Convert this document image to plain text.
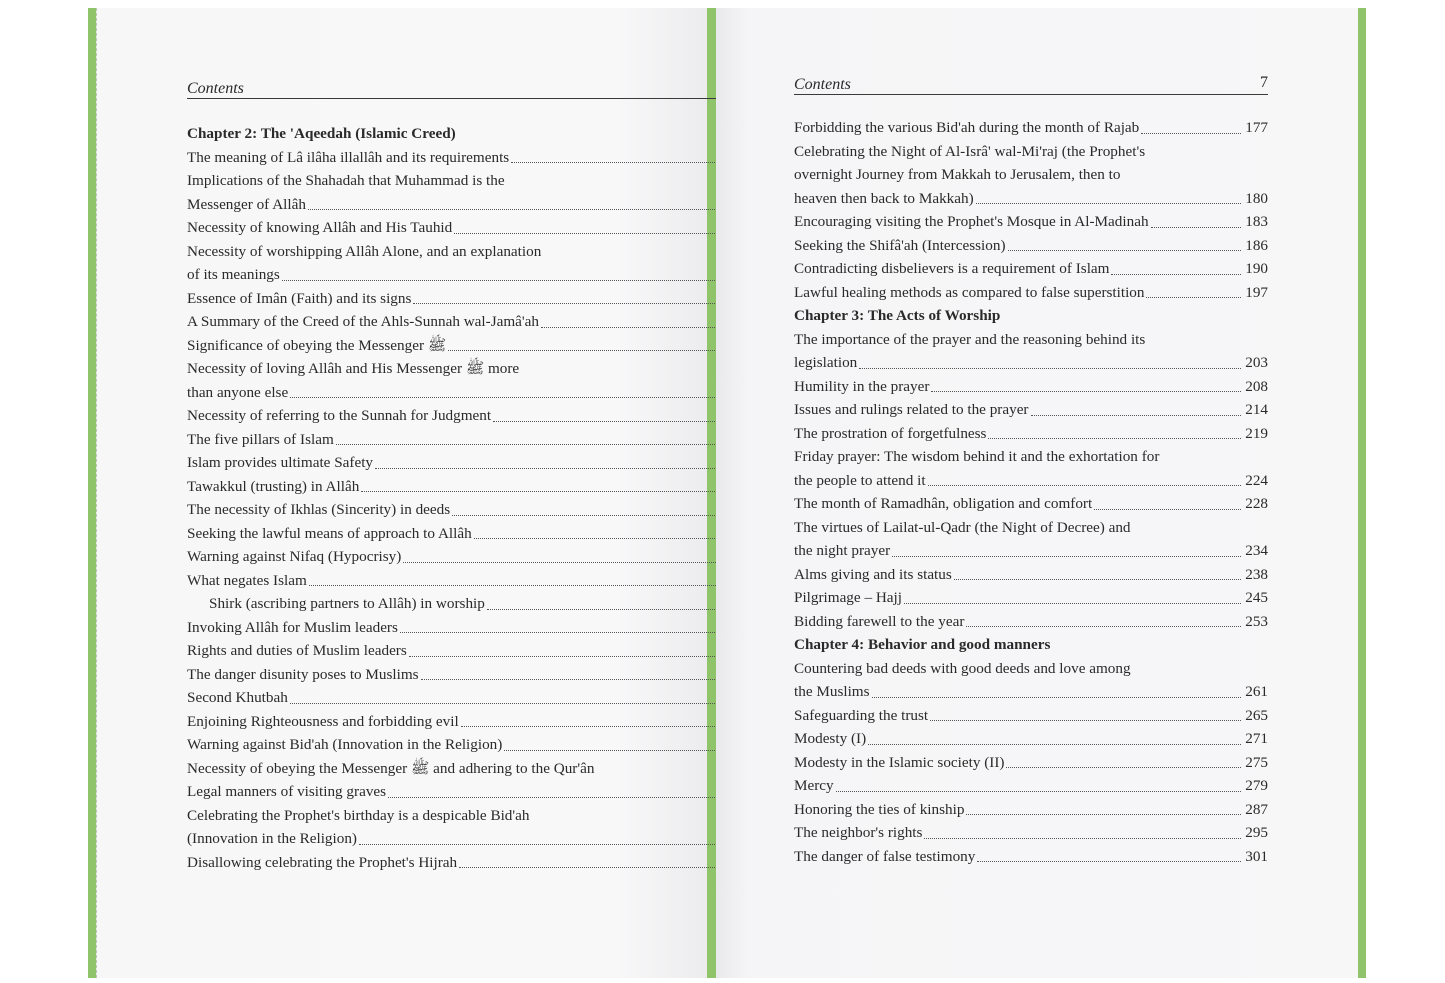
Contents
Chapter 2: The 'Aqeedah (Islamic Creed)
The meaning of Lâ ilâha illallâh and its requirements
Implications of the Shahadah that Muhammad is the
Messenger of Allâh
Necessity of knowing Allâh and His Tauhid
Necessity of worshipping Allâh Alone, and an explanation
of its meanings
Essence of Imân (Faith) and its signs
A Summary of the Creed of the Ahls-Sunnah wal-Jamâ'ah
Significance of obeying the Messenger ﷺ
Necessity of loving Allâh and His Messenger ﷺ more
than anyone else
Necessity of referring to the Sunnah for Judgment
The five pillars of Islam
Islam provides ultimate Safety
Tawakkul (trusting) in Allâh
The necessity of Ikhlas (Sincerity) in deeds
Seeking the lawful means of approach to Allâh
Warning against Nifaq (Hypocrisy)
What negates Islam
Shirk (ascribing partners to Allâh) in worship
Invoking Allâh for Muslim leaders
Rights and duties of Muslim leaders
The danger disunity poses to Muslims
Second Khutbah
Enjoining Righteousness and forbidding evil
Warning against Bid'ah (Innovation in the Religion)
Necessity of obeying the Messenger ﷺ and adhering to the Qur'ân
Legal manners of visiting graves
Celebrating the Prophet's birthday is a despicable Bid'ah
(Innovation in the Religion)
Disallowing celebrating the Prophet's Hijrah
Contents	7
Forbidding the various Bid'ah during the month of Rajab	177
Celebrating the Night of Al-Isrâ' wal-Mi'raj (the Prophet's
overnight Journey from Makkah to Jerusalem, then to
heaven then back to Makkah)	180
Encouraging visiting the Prophet's Mosque in Al-Madinah	183
Seeking the Shifâ'ah (Intercession)	186
Contradicting disbelievers is a requirement of Islam	190
Lawful healing methods as compared to false superstition	197
Chapter 3: The Acts of Worship
The importance of the prayer and the reasoning behind its
legislation	203
Humility in the prayer	208
Issues and rulings related to the prayer	214
The prostration of forgetfulness	219
Friday prayer: The wisdom behind it and the exhortation for
the people to attend it	224
The month of Ramadhân, obligation and comfort	228
The virtues of Lailat-ul-Qadr (the Night of Decree) and
the night prayer	234
Alms giving and its status	238
Pilgrimage – Hajj	245
Bidding farewell to the year	253
Chapter 4: Behavior and good manners
Countering bad deeds with good deeds and love among
the Muslims	261
Safeguarding the trust	265
Modesty (I)	271
Modesty in the Islamic society (II)	275
Mercy	279
Honoring the ties of kinship	287
The neighbor's rights	295
The danger of false testimony	301
